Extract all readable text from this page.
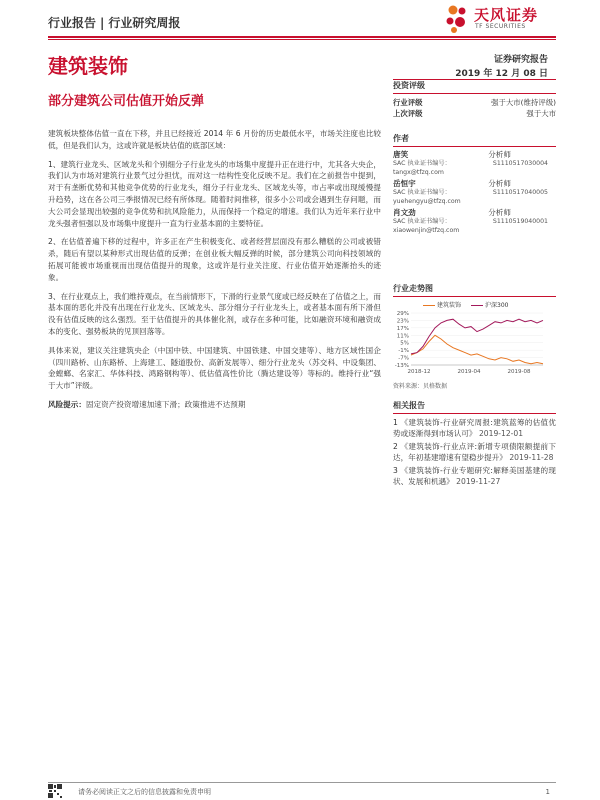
行业报告 | 行业研究周报	天风证券
TF SECURITIES
建筑装饰
部分建筑公司估值开始反弹
证券研究报告
2019 年 12 月 08 日

建筑板块整体估值一直在下移，并且已经接近 2014 年 6 月份的历史最低水平，市场关注度也比较低，但是我们认为，这或许就是板块估值的底部区域：

1、建筑行业龙头、区域龙头和个别细分子行业龙头的市场集中度提升正在进行中，尤其各大央企，我们认为市场对建筑行业景气过分担忧，而对这一结构性变化反映不足。我们在之前报告中提到，对于有垄断优势和其他竞争优势的行业龙头，细分子行业龙头、区域龙头等，市占率或出现缓慢提升趋势，这在各公司三季报情况已经有所体现。随着时间推移，很多小公司或会遇到生存问题，而大公司会显现出较强的竞争优势和抗风险能力，从而保持一个稳定的增速。我们认为近年来行业中龙头强者恒强以及市场集中度提升一直为行业基本面的主要特征。

2、在估值普遍下移的过程中，许多正在产生积极变化、或者经营层面没有那么糟糕的公司或被错杀，随后有望以某种形式出现估值的反弹；在创业板大幅反弹的时候，部分建筑公司向科技领域的拓展可能被市场重视而出现估值提升的现象，这或许是行业关注度、行业估值开始逐渐抬头的迹象。

3、在行业观点上，我们维持观点，在当前情形下，下滑的行业景气度或已经反映在了估值之上，而基本面的恶化并没有出现在行业龙头、区域龙头、部分细分子行业龙头上，或者基本面有所下滑但没有估值反映的这么强烈。至于估值提升的具体催化剂，或存在多种可能，比如融资环境和融资成本的变化、强势板块的见顶回落等。

具体来说，建议关注建筑央企（中国中铁、中国建筑、中国铁建、中国交建等）、地方区域性国企（四川路桥、山东路桥、上海建工、隧道股份、高新发展等）、细分行业龙头（苏交科、中设集团、金螳螂、名家汇、华体科技、鸿路钢构等）、低估值高性价比（腾达建设等）等标的。维持行业“强于大市”评级。

风险提示：固定资产投资增速加速下滑；政策推进不达预期

投资评级
行业评级	强于大市(维持评级)
上次评级	强于大市
作者
唐笑	分析师
SAC 执业证书编号：	S1110517030004
tangx@tfzq.com
岳恒宇	分析师
SAC 执业证书编号：	S1110517040005
yuehengyu@tfzq.com
肖文劲	分析师
SAC 执业证书编号：	S1110519040001
xiaowenjin@tfzq.com
行业走势图
建筑装饰	沪深300
29%
23%
17%
11%
5%
-1%
-7%
-13%
2018-12	2019-04	2019-08
资料来源：贝格数据
相关报告

1 《建筑装饰-行业研究周报:建筑蓝筹的估值优势或逐渐得到市场认可》 2019-12-01

2 《建筑装饰-行业点评:新增专项债限额提前下达，年初基建增速有望稳步提升》 2019-11-28

3 《建筑装饰-行业专题研究:解释美国基建的现状、发展和机遇》 2019-11-27

请务必阅读正文之后的信息披露和免责申明	1
